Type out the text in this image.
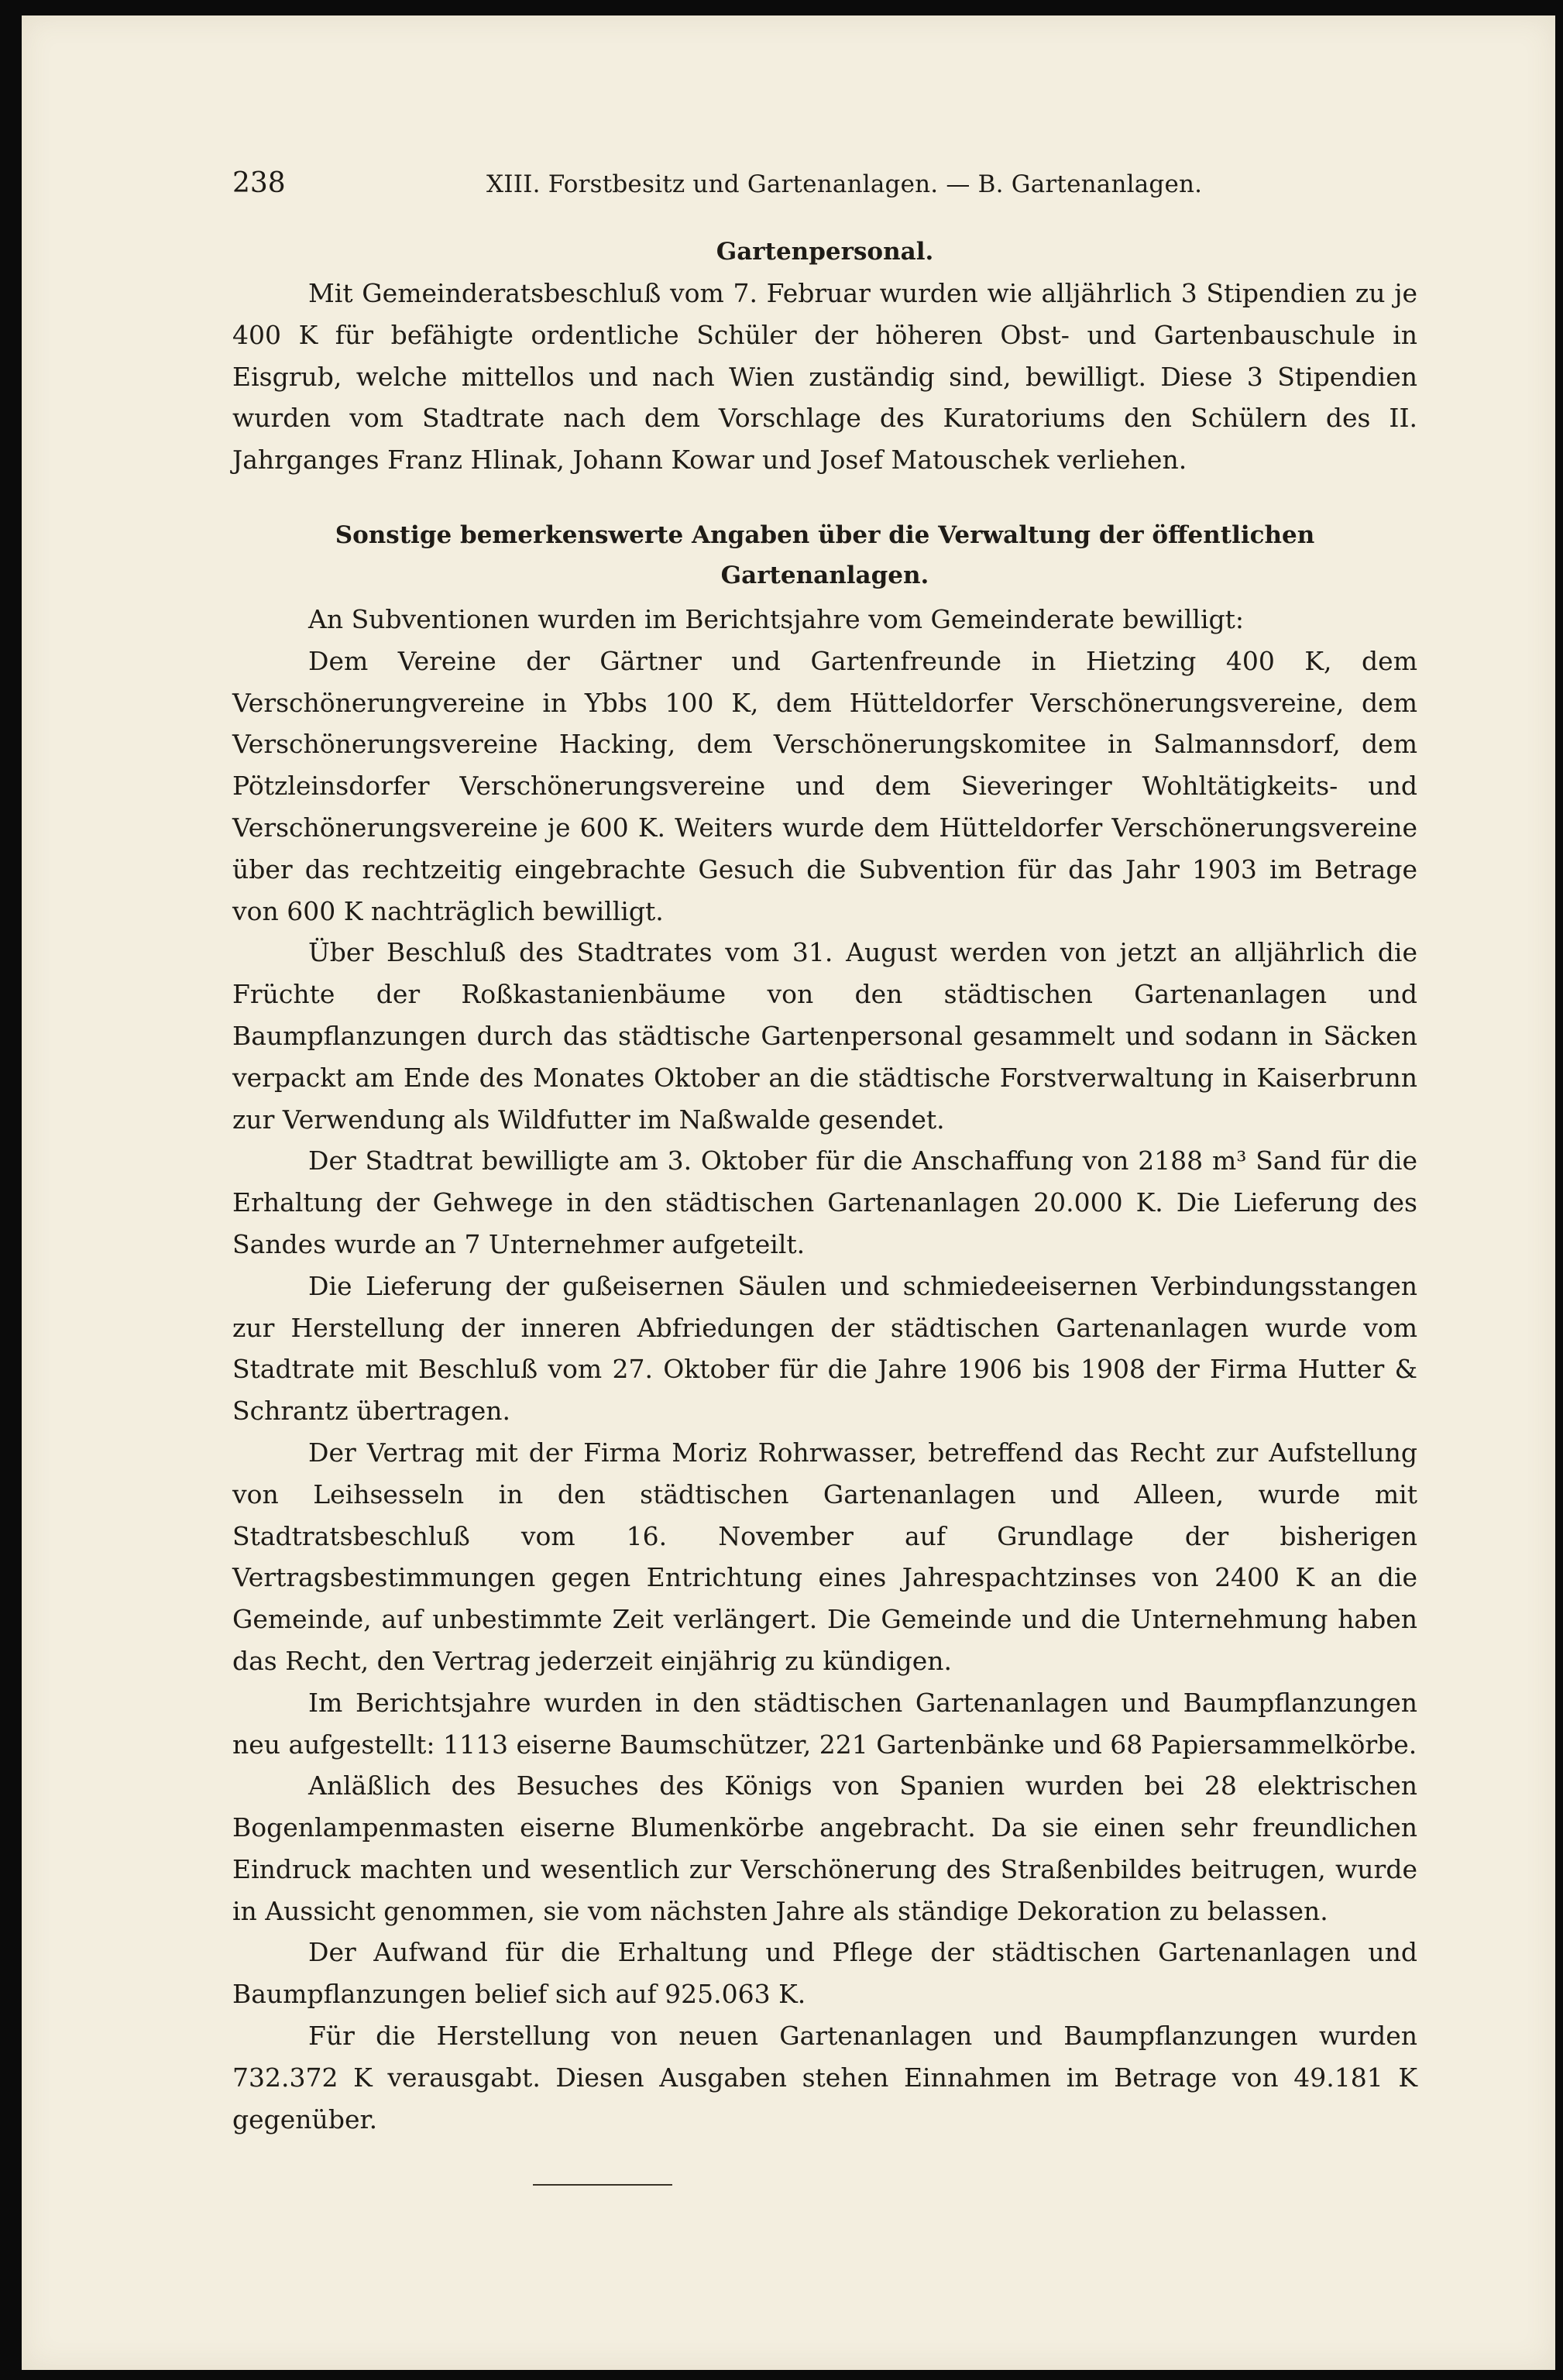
238	XIII. Forstbesitz und Gartenanlagen. — B. Gartenanlagen.
Gartenpersonal.

Mit Gemeinderatsbeschluß vom 7. Februar wurden wie alljährlich 3 Stipendien zu je 400 K für befähigte ordentliche Schüler der höheren Obst- und Gartenbauschule in Eisgrub, welche mittellos und nach Wien zuständig sind, bewilligt. Diese 3 Stipendien wurden vom Stadtrate nach dem Vorschlage des Kuratoriums den Schülern des II. Jahrganges Franz Hlinak, Johann Kowar und Josef Matouschek verliehen.

Sonstige bemerkenswerte Angaben über die Verwaltung der öffentlichen Gartenanlagen.

An Subventionen wurden im Berichtsjahre vom Gemeinderate bewilligt:

Dem Vereine der Gärtner und Gartenfreunde in Hietzing 400 K, dem Verschönerungvereine in Ybbs 100 K, dem Hütteldorfer Verschönerungsvereine, dem Verschönerungsvereine Hacking, dem Verschönerungskomitee in Salmannsdorf, dem Pötzleinsdorfer Verschönerungsvereine und dem Sieveringer Wohltätigkeits- und Verschönerungsvereine je 600 K. Weiters wurde dem Hütteldorfer Verschönerungsvereine über das rechtzeitig eingebrachte Gesuch die Subvention für das Jahr 1903 im Betrage von 600 K nachträglich bewilligt.

Über Beschluß des Stadtrates vom 31. August werden von jetzt an alljährlich die Früchte der Roßkastanienbäume von den städtischen Gartenanlagen und Baumpflanzungen durch das städtische Gartenpersonal gesammelt und sodann in Säcken verpackt am Ende des Monates Oktober an die städtische Forstverwaltung in Kaiserbrunn zur Verwendung als Wildfutter im Naßwalde gesendet.

Der Stadtrat bewilligte am 3. Oktober für die Anschaffung von 2188 m³ Sand für die Erhaltung der Gehwege in den städtischen Gartenanlagen 20.000 K. Die Lieferung des Sandes wurde an 7 Unternehmer aufgeteilt.

Die Lieferung der gußeisernen Säulen und schmiedeeisernen Verbindungsstangen zur Herstellung der inneren Abfriedungen der städtischen Gartenanlagen wurde vom Stadtrate mit Beschluß vom 27. Oktober für die Jahre 1906 bis 1908 der Firma Hutter & Schrantz übertragen.

Der Vertrag mit der Firma Moriz Rohrwasser, betreffend das Recht zur Aufstellung von Leihsesseln in den städtischen Gartenanlagen und Alleen, wurde mit Stadtratsbeschluß vom 16. November auf Grundlage der bisherigen Vertragsbestimmungen gegen Entrichtung eines Jahrespachtzinses von 2400 K an die Gemeinde, auf unbestimmte Zeit verlängert. Die Gemeinde und die Unternehmung haben das Recht, den Vertrag jederzeit einjährig zu kündigen.

Im Berichtsjahre wurden in den städtischen Gartenanlagen und Baumpflanzungen neu aufgestellt: 1113 eiserne Baumschützer, 221 Gartenbänke und 68 Papiersammelkörbe.

Anläßlich des Besuches des Königs von Spanien wurden bei 28 elektrischen Bogenlampenmasten eiserne Blumenkörbe angebracht. Da sie einen sehr freundlichen Eindruck machten und wesentlich zur Verschönerung des Straßenbildes beitrugen, wurde in Aussicht genommen, sie vom nächsten Jahre als ständige Dekoration zu belassen.

Der Aufwand für die Erhaltung und Pflege der städtischen Gartenanlagen und Baumpflanzungen belief sich auf 925.063 K.

Für die Herstellung von neuen Gartenanlagen und Baumpflanzungen wurden 732.372 K verausgabt. Diesen Ausgaben stehen Einnahmen im Betrage von 49.181 K gegenüber.
